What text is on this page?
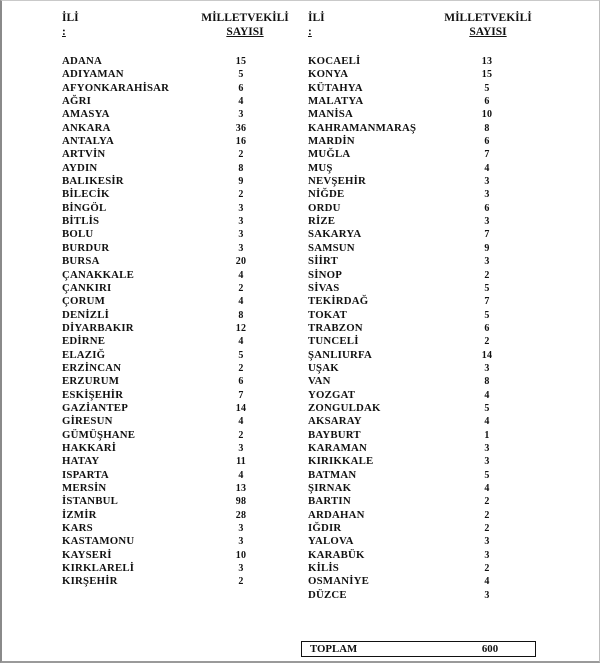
İLİ
:
MİLLETVEKİLİ
SAYISI
İLİ
:
MİLLETVEKİLİ
SAYISI
ADANA	15
ADIYAMAN	5
AFYONKARAHİSAR	6
AĞRI	4
AMASYA	3
ANKARA	36
ANTALYA	16
ARTVİN	2
AYDIN	8
BALIKESİR	9
BİLECİK	2
BİNGÖL	3
BİTLİS	3
BOLU	3
BURDUR	3
BURSA	20
ÇANAKKALE	4
ÇANKIRI	2
ÇORUM	4
DENİZLİ	8
DİYARBAKIR	12
EDİRNE	4
ELAZIĞ	5
ERZİNCAN	2
ERZURUM	6
ESKİŞEHİR	7
GAZİANTEP	14
GİRESUN	4
GÜMÜŞHANE	2
HAKKARİ	3
HATAY	11
ISPARTA	4
MERSİN	13
İSTANBUL	98
İZMİR	28
KARS	3
KASTAMONU	3
KAYSERİ	10
KIRKLARELİ	3
KIRŞEHİR	2
KOCAELİ	13
KONYA	15
KÜTAHYA	5
MALATYA	6
MANİSA	10
KAHRAMANMARAŞ	8
MARDİN	6
MUĞLA	7
MUŞ	4
NEVŞEHİR	3
NİĞDE	3
ORDU	6
RİZE	3
SAKARYA	7
SAMSUN	9
SİİRT	3
SİNOP	2
SİVAS	5
TEKİRDAĞ	7
TOKAT	5
TRABZON	6
TUNCELİ	2
ŞANLIURFA	14
UŞAK	3
VAN	8
YOZGAT	4
ZONGULDAK	5
AKSARAY	4
BAYBURT	1
KARAMAN	3
KIRIKKALE	3
BATMAN	5
ŞIRNAK	4
BARTIN	2
ARDAHAN	2
IĞDIR	2
YALOVA	3
KARABÜK	3
KİLİS	2
OSMANİYE	4
DÜZCE	3
TOPLAM	600
